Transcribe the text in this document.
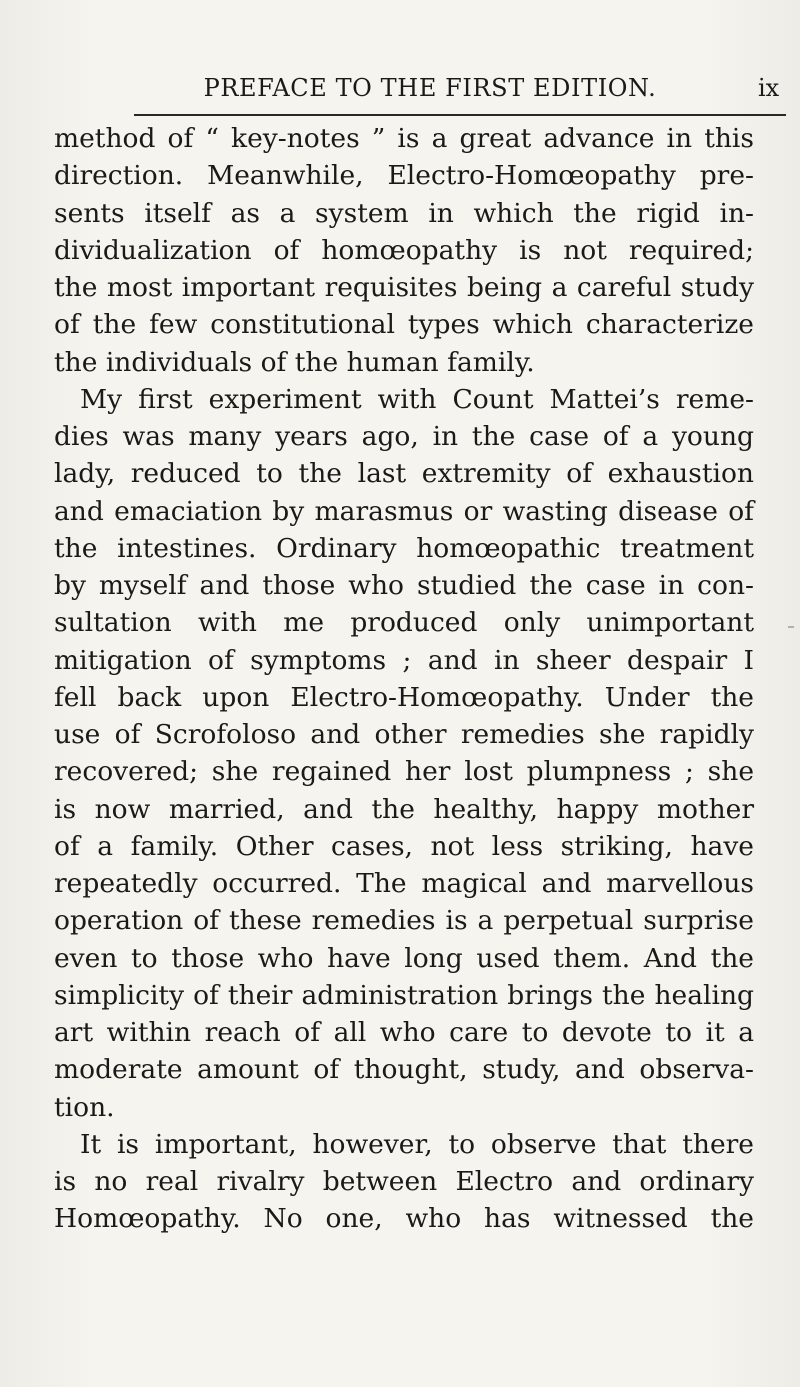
PREFACE TO THE FIRST EDITION.	ix
method of “ key-notes ” is a great advance in this
direction. Meanwhile, Electro-Homœopathy pre-
sents itself as a system in which the rigid in-
dividualization of homœopathy is not required;
the most important requisites being a careful study
of the few constitutional types which characterize
the individuals of the human family.
My first experiment with Count Mattei’s reme-
dies was many years ago, in the case of a young
lady, reduced to the last extremity of exhaustion
and emaciation by marasmus or wasting disease of
the intestines. Ordinary homœopathic treatment
by myself and those who studied the case in con-
sultation with me produced only unimportant
mitigation of symptoms ; and in sheer despair I
fell back upon Electro-Homœopathy. Under the
use of Scrofoloso and other remedies she rapidly
recovered; she regained her lost plumpness ; she
is now married, and the healthy, happy mother
of a family. Other cases, not less striking, have
repeatedly occurred. The magical and marvellous
operation of these remedies is a perpetual surprise
even to those who have long used them. And the
simplicity of their administration brings the healing
art within reach of all who care to devote to it a
moderate amount of thought, study, and observa-
tion.
It is important, however, to observe that there
is no real rivalry between Electro and ordinary
Homœopathy. No one, who has witnessed the
